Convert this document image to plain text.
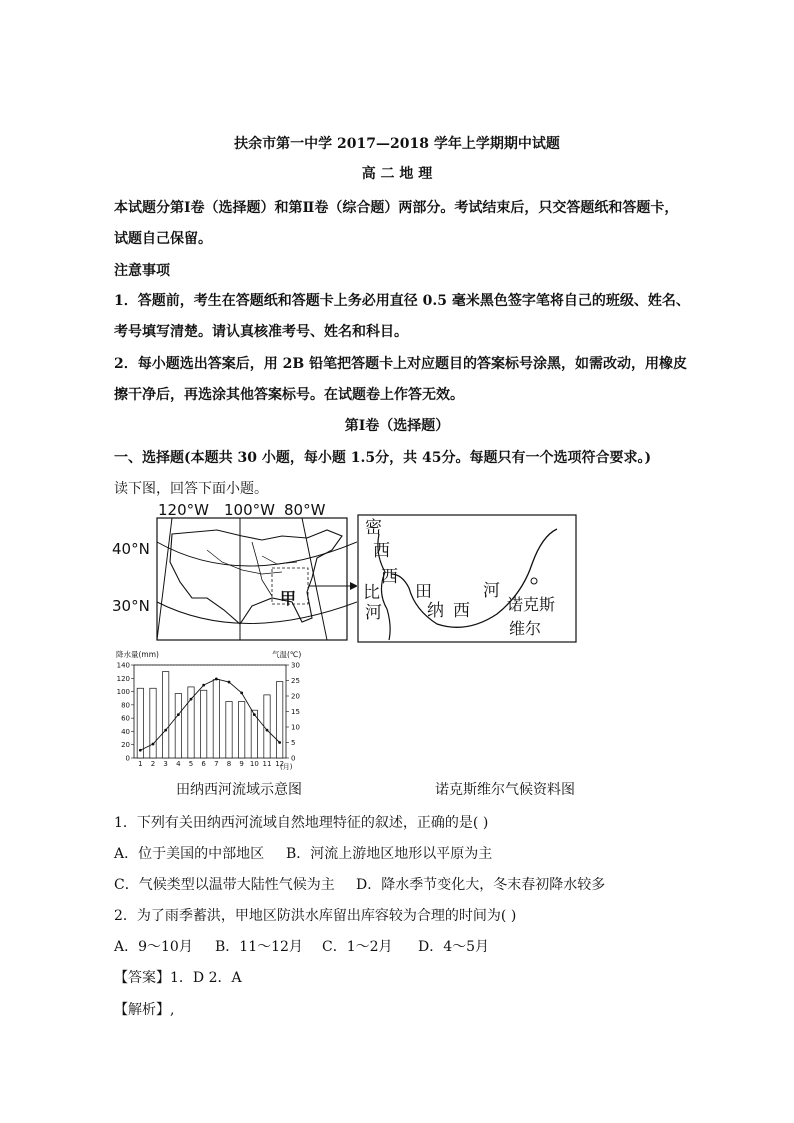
扶余市第一中学 2017—2018 学年上学期期中试题
高 二 地 理
本试题分第Ⅰ卷（选择题）和第Ⅱ卷（综合题）两部分。考试结束后，只交答题纸和答题卡，
试题自己保留。
注意事项
1．答题前，考生在答题纸和答题卡上务必用直径 0.5 毫米黑色签字笔将自己的班级、姓名、
考号填写清楚。请认真核准考号、姓名和科目。
2．每小题选出答案后，用 2B 铅笔把答题卡上对应题目的答案标号涂黑，如需改动，用橡皮
擦干净后，再选涂其他答案标号。在试题卷上作答无效。
第Ⅰ卷（选择题）
一、选择题(本题共 30 小题，每小题 1.5分，共 45分。每题只有一个选项符合要求。)
读下图，回答下面小题。
120°W 100°W 80°W
40°N
30°N	甲
密
西
西
比
河
田
纳 西
河
诺克斯
维尔
降水量(mm)	气温(℃)
(月)
0
20
40
60
80
100
120
140
0
5
10
15
20
25
30
1 2 3 4 5 6 7 8 9 10 11 12
田纳西河流域示意图	诺克斯维尔气候资料图
1．下列有关田纳西河流域自然地理特征的叙述，正确的是( )
A．位于美国的中部地区 B．河流上游地区地形以平原为主
C．气候类型以温带大陆性气候为主 D．降水季节变化大，冬末春初降水较多
2．为了雨季蓄洪，甲地区防洪水库留出库容较为合理的时间为( )
A．9～10月 B．11～12月 C．1～2月 D．4～5月
【答案】1．D 2．A
【解析】,
